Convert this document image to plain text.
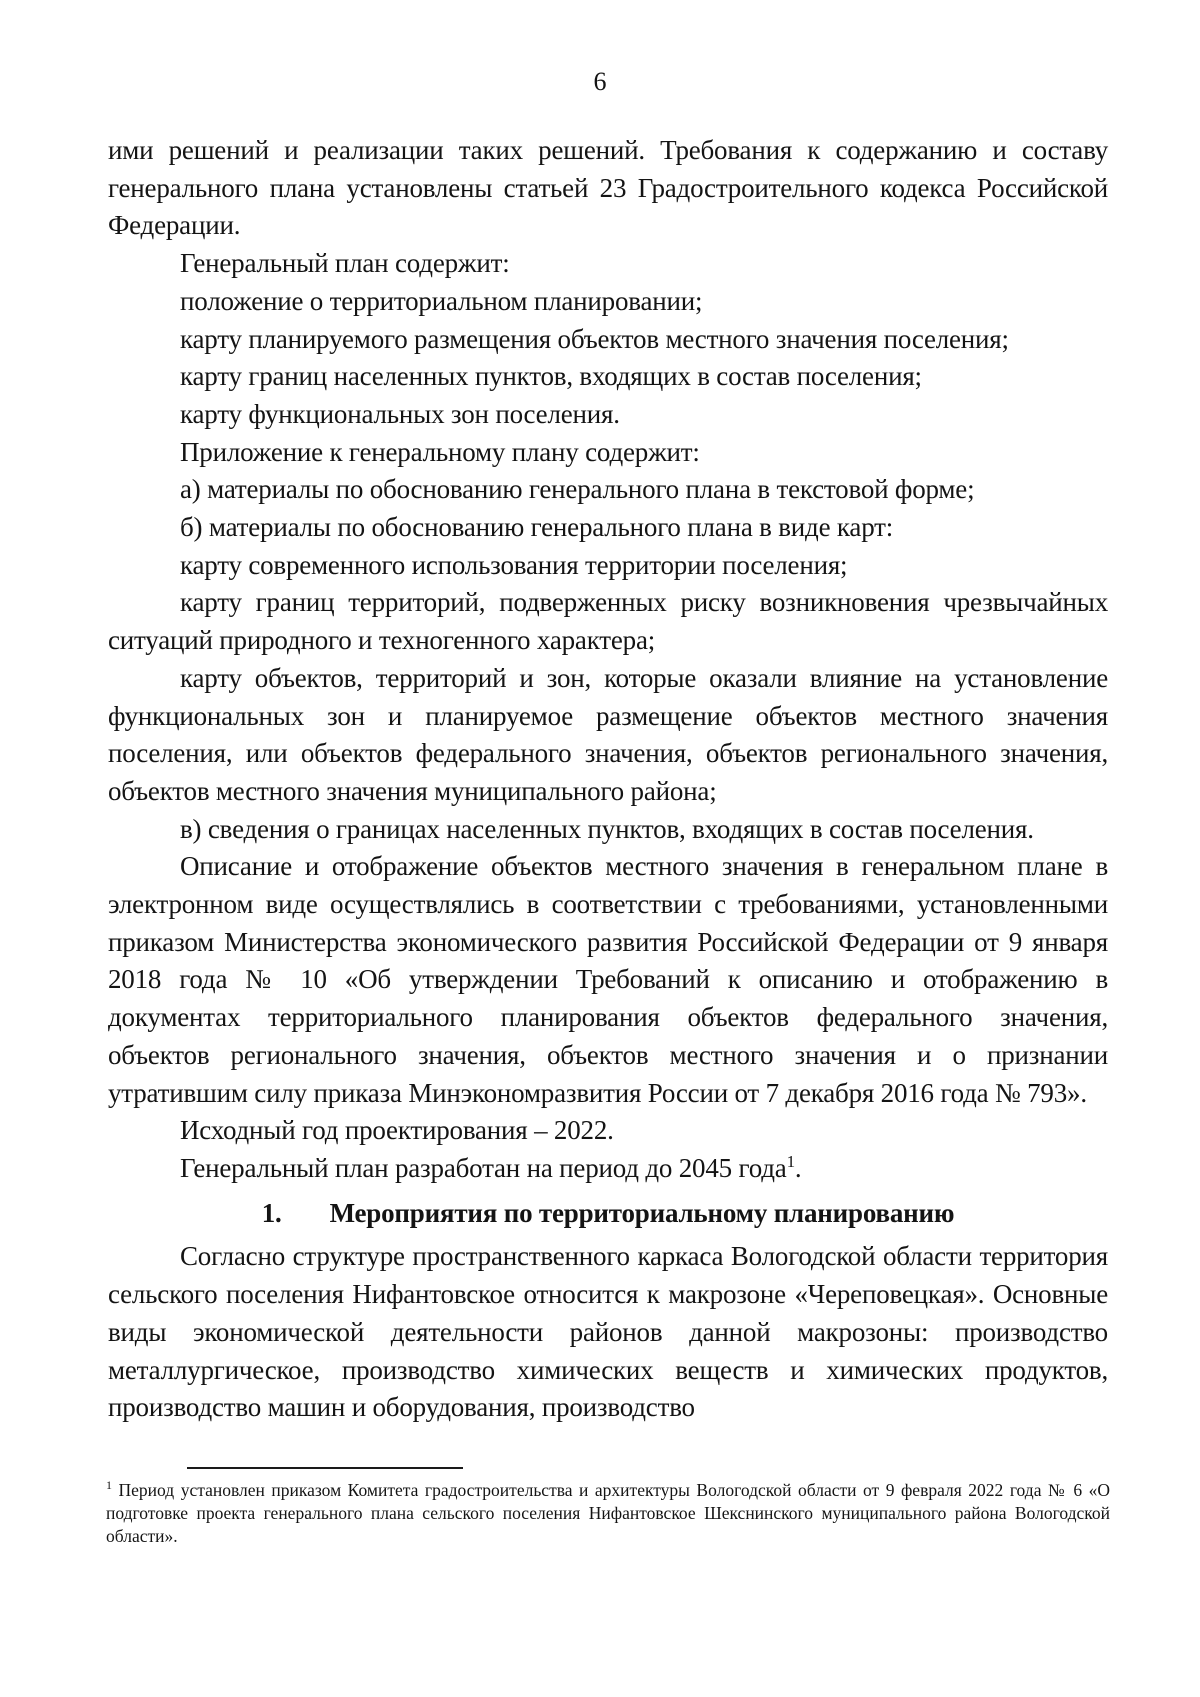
6

ими решений и реализации таких решений. Требования к содержанию и составу генерального плана установлены статьей 23 Градостроительного кодекса Российской Федерации.

Генеральный план содержит:

положение о территориальном планировании;

карту планируемого размещения объектов местного значения поселения;

карту границ населенных пунктов, входящих в состав поселения;

карту функциональных зон поселения.

Приложение к генеральному плану содержит:

а) материалы по обоснованию генерального плана в текстовой форме;

б) материалы по обоснованию генерального плана в виде карт:

карту современного использования территории поселения;

карту границ территорий, подверженных риску возникновения чрезвычайных ситуаций природного и техногенного характера;

карту объектов, территорий и зон, которые оказали влияние на установление функциональных зон и планируемое размещение объектов местного значения поселения, или объектов федерального значения, объектов регионального значения, объектов местного значения муниципального района;

в) сведения о границах населенных пунктов, входящих в состав поселения.

Описание и отображение объектов местного значения в генеральном плане в электронном виде осуществлялись в соответствии с требованиями, установленными приказом Министерства экономического развития Российской Федерации от 9 января 2018 года № 10 «Об утверждении Требований к описанию и отображению в документах территориального планирования объектов федерального значения, объектов регионального значения, объектов местного значения и о признании утратившим силу приказа Минэкономразвития России от 7 декабря 2016 года № 793».

Исходный год проектирования – 2022.

Генеральный план разработан на период до 2045 года$^1$.

1. Мероприятия по территориальному планированию

Согласно структуре пространственного каркаса Вологодской области территория сельского поселения Нифантовское относится к макрозоне «Череповецкая». Основные виды экономической деятельности районов данной макрозоны: производство металлургическое, производство химических веществ и химических продуктов, производство машин и оборудования, производство

$^1$ Период установлен приказом Комитета градостроительства и архитектуры Вологодской области от 9 февраля 2022 года № 6 «О подготовке проекта генерального плана сельского поселения Нифантовское Шекснинского муниципального района Вологодской области».
